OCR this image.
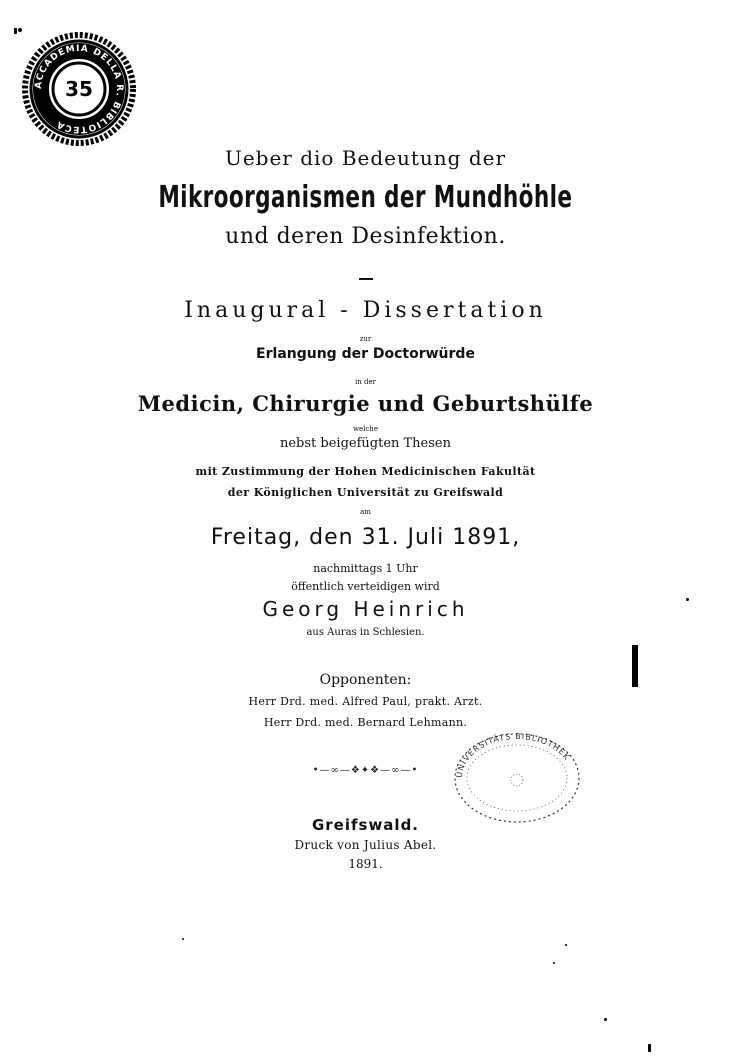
ACCADEMIA DELLA R. BIBLIOTECA
35
Ueber dio Bedeutung der
Mikroorganismen der Mundhöhle
und deren Desinfektion.
Inaugural - Dissertation
zur
Erlangung der Doctorwürde
in der
Medicin, Chirurgie und Geburtshülfe
welche
nebst beigefügten Thesen
mit Zustimmung der Hohen Medicinischen Fakultät
der Königlichen Universität zu Greifswald
am
Freitag, den 31. Juli 1891,
nachmittags 1 Uhr
öffentlich verteidigen wird
Georg Heinrich
aus Auras in Schlesien.
Opponenten:
Herr Drd. med. Alfred Paul, prakt. Arzt.
Herr Drd. med. Bernard Lehmann.
•—∞—❖✦❖—∞—•
Greifswald.
Druck von Julius Abel.
1891.
UNIVERSITÄTS BIBLIOTHEK
